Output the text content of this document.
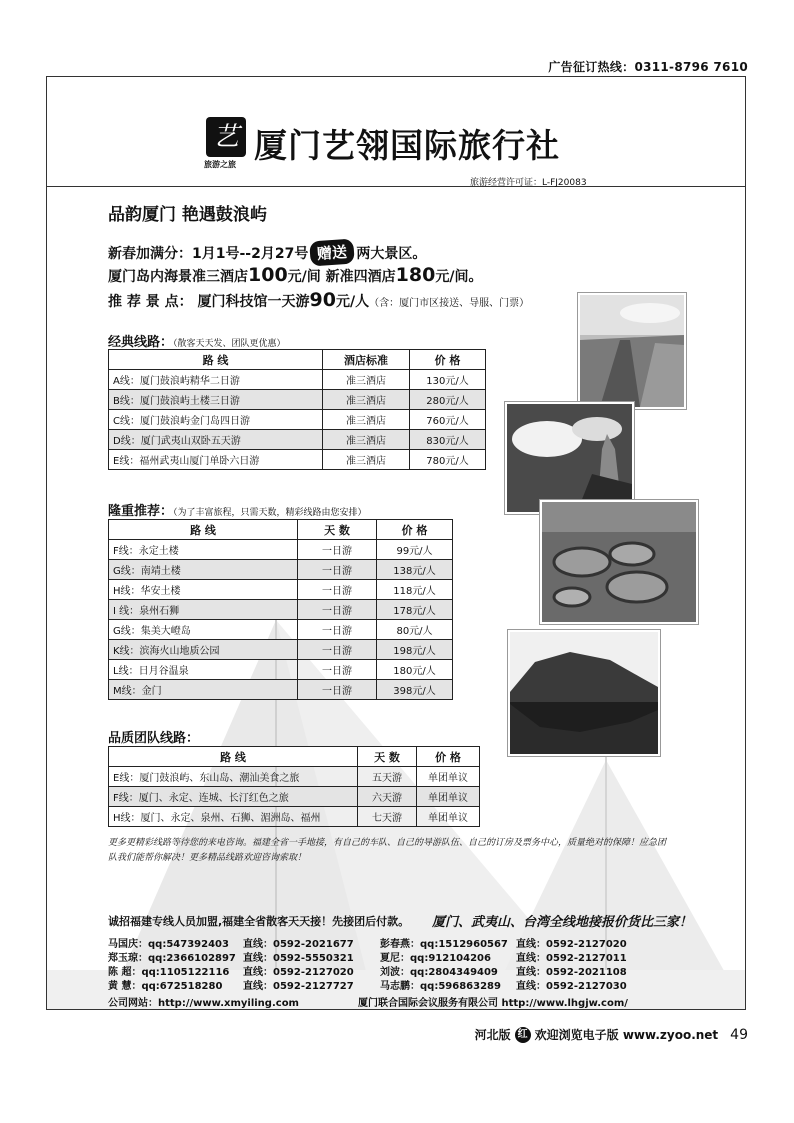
广告征订热线：0311-8796 7610
艺
旅游之旅 厦门艺翎国际旅行社
旅游经营许可证：L-FJ20083
品韵厦门 艳遇鼓浪屿
新春加满分：1月1号--2月27号 赠送 两大景区。
厦门岛内海景准三酒店100元/间 新准四酒店180元/间。
推 荐 景 点： 厦门科技馆一天游90元/人（含：厦门市区接送、导服、门票）
经典线路：（散客天天发、团队更优惠）
路 线	酒店标准	价 格
A线：厦门鼓浪屿精华二日游	准三酒店	130元/人
B线：厦门鼓浪屿土楼三日游	准三酒店	280元/人
C线：厦门鼓浪屿金门岛四日游	准三酒店	760元/人
D线：厦门武夷山双卧五天游	准三酒店	830元/人
E线：福州武夷山厦门单卧六日游	准三酒店	780元/人
隆重推荐：（为了丰富旅程，只需天数，精彩线路由您安排）
路 线	天 数	价 格
F线：永定土楼	一日游	99元/人
G线：南靖土楼	一日游	138元/人
H线：华安土楼	一日游	118元/人
I 线：泉州石狮	一日游	178元/人
G线：集美大嶝岛	一日游	80元/人
K线：滨海火山地质公园	一日游	198元/人
L线：日月谷温泉	一日游	180元/人
M线：金门	一日游	398元/人
品质团队线路：
路 线	天 数	价 格
E线：厦门鼓浪屿、东山岛、潮汕美食之旅	五天游	单团单议
F线：厦门、永定、连城、长汀红色之旅	六天游	单团单议
H线：厦门、永定、泉州、石狮、湄洲岛、福州	七天游	单团单议
更多更精彩线路等待您的来电咨询。福建全省一手地接，有自己的车队、自己的导游队伍、自己的订房及票务中心，质量绝对的保障！应急团队我们能帮你解决！更多精品线路欢迎咨询索取！
诚招福建专线人员加盟,福建全省散客天天接！先接团后付款。 厦门、武夷山、台湾全线地接报价货比三家！
马国庆：qq:547392403 直线：0592-2021677	彭春燕：qq:1512960567 直线：0592-2127020
郑玉琼：qq:2366102897 直线：0592-5550321	夏尼：qq:912104206	直线：0592-2127011
陈 超：qq:1105122116 直线：0592-2127020	刘波：qq:2804349409 直线：0592-2021108
黄 慧：qq:672518280 直线：0592-2127727	马志鹏：qq:596863289 直线：0592-2127030
公司网站：http://www.xmyiling.com	厦门联合国际会议服务有限公司 http://www.lhgjw.com/
河北版 红 欢迎浏览电子版 www.zyoo.net 49
